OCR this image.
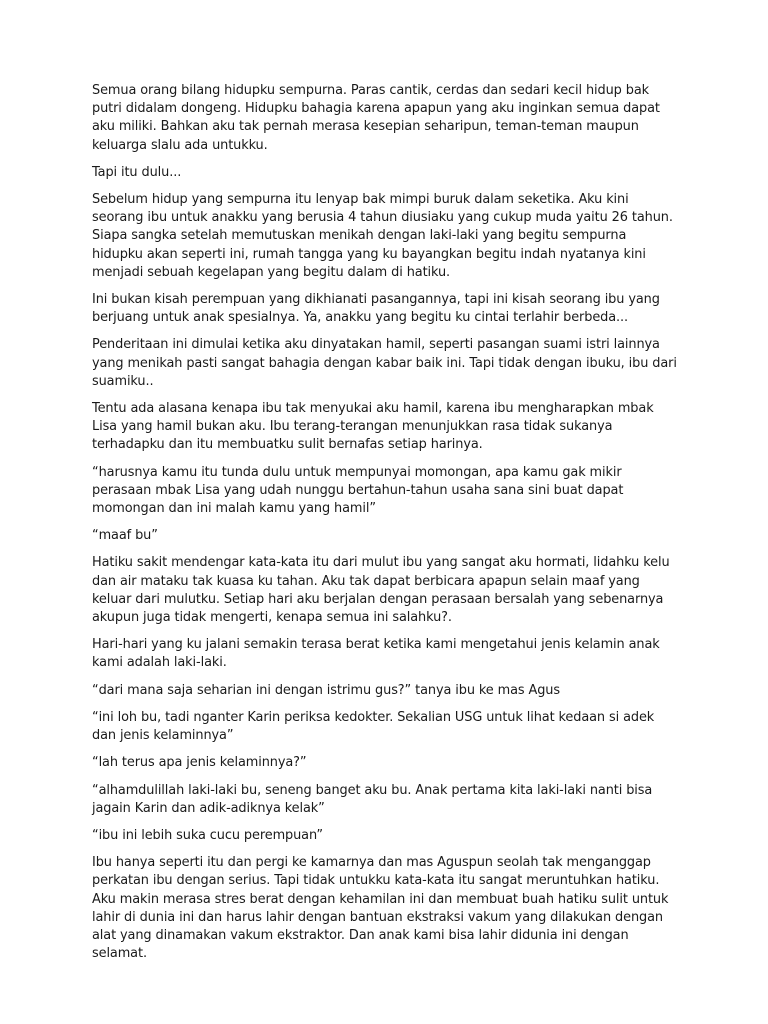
Semua orang bilang hidupku sempurna. Paras cantik, cerdas dan sedari kecil hidup bak putri didalam dongeng. Hidupku bahagia karena apapun yang aku inginkan semua dapat aku miliki. Bahkan aku tak pernah merasa kesepian seharipun, teman-teman maupun keluarga slalu ada untukku.

Tapi itu dulu...

Sebelum hidup yang sempurna itu lenyap bak mimpi buruk dalam seketika. Aku kini seorang ibu untuk anakku yang berusia 4 tahun diusiaku yang cukup muda yaitu 26 tahun. Siapa sangka setelah memutuskan menikah dengan laki-laki yang begitu sempurna hidupku akan seperti ini, rumah tangga yang ku bayangkan begitu indah nyatanya kini menjadi sebuah kegelapan yang begitu dalam di hatiku.

Ini bukan kisah perempuan yang dikhianati pasangannya, tapi ini kisah seorang ibu yang berjuang untuk anak spesialnya. Ya, anakku yang begitu ku cintai terlahir berbeda...

Penderitaan ini dimulai ketika aku dinyatakan hamil, seperti pasangan suami istri lainnya yang menikah pasti sangat bahagia dengan kabar baik ini. Tapi tidak dengan ibuku, ibu dari suamiku..

Tentu ada alasana kenapa ibu tak menyukai aku hamil, karena ibu mengharapkan mbak Lisa yang hamil bukan aku. Ibu terang-terangan menunjukkan rasa tidak sukanya terhadapku dan itu membuatku sulit bernafas setiap harinya.

“harusnya kamu itu tunda dulu untuk mempunyai momongan, apa kamu gak mikir perasaan mbak Lisa yang udah nunggu bertahun-tahun usaha sana sini buat dapat momongan dan ini malah kamu yang hamil”

“maaf bu”

Hatiku sakit mendengar kata-kata itu dari mulut ibu yang sangat aku hormati, lidahku kelu dan air mataku tak kuasa ku tahan. Aku tak dapat berbicara apapun selain maaf yang keluar dari mulutku. Setiap hari aku berjalan dengan perasaan bersalah yang sebenarnya akupun juga tidak mengerti, kenapa semua ini salahku?.

Hari-hari yang ku jalani semakin terasa berat ketika kami mengetahui jenis kelamin anak kami adalah laki-laki.

“dari mana saja seharian ini dengan istrimu gus?” tanya ibu ke mas Agus

“ini loh bu, tadi nganter Karin periksa kedokter. Sekalian USG untuk lihat kedaan si adek dan jenis kelaminnya”

“lah terus apa jenis kelaminnya?”

“alhamdulillah laki-laki bu, seneng banget aku bu. Anak pertama kita laki-laki nanti bisa jagain Karin dan adik-adiknya kelak”

“ibu ini lebih suka cucu perempuan”

Ibu hanya seperti itu dan pergi ke kamarnya dan mas Aguspun seolah tak menganggap perkatan ibu dengan serius. Tapi tidak untukku kata-kata itu sangat meruntuhkan hatiku. Aku makin merasa stres berat dengan kehamilan ini dan membuat buah hatiku sulit untuk lahir di dunia ini dan harus lahir dengan bantuan ekstraksi vakum yang dilakukan dengan alat yang dinamakan vakum ekstraktor. Dan anak kami bisa lahir didunia ini dengan selamat.
